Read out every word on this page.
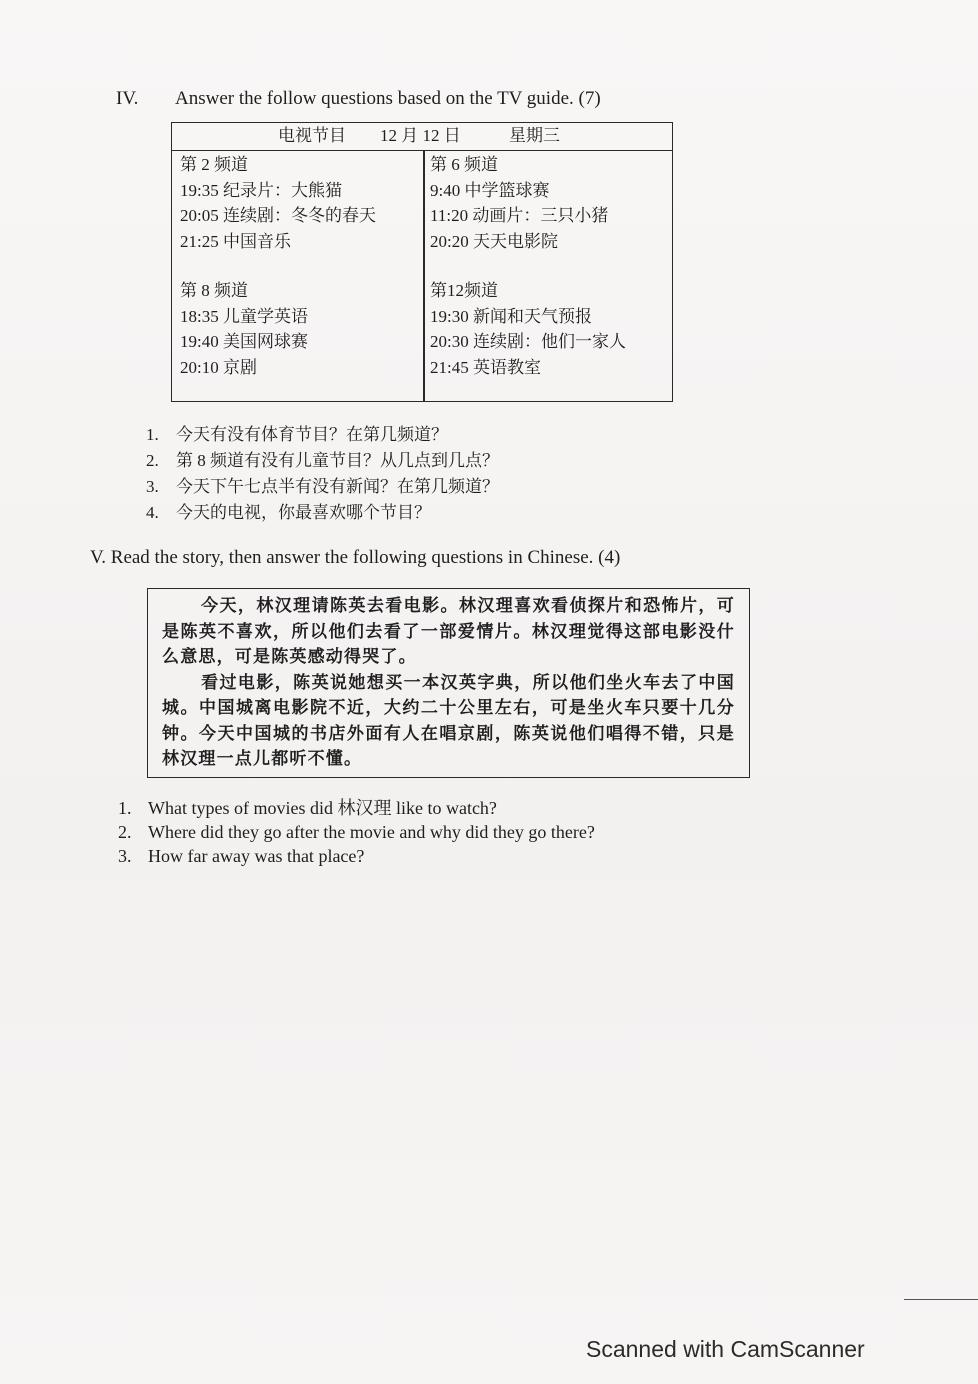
IV. Answer the follow questions based on the TV guide. (7)
电视节目 12 月 12 日	星期三
第 2 频道
19:35 纪录片：大熊猫
20:05 连续剧：冬冬的春天
21:25 中国音乐
第 6 频道
9:40 中学篮球赛
11:20 动画片：三只小猪
20:20 天天电影院
第 8 频道
18:35 儿童学英语
19:40 美国网球赛
20:10 京剧
第12频道
19:30 新闻和天气预报
20:30 连续剧：他们一家人
21:45 英语教室
1. 今天有没有体育节目？在第几频道？
2. 第 8 频道有没有儿童节目？从几点到几点？
3. 今天下午七点半有没有新闻？在第几频道？
4. 今天的电视，你最喜欢哪个节目？
V. Read the story, then answer the following questions in Chinese. (4)

今天，林汉理请陈英去看电影。林汉理喜欢看侦探片和恐怖片，可是陈英不喜欢，所以他们去看了一部爱情片。林汉理觉得这部电影没什么意思，可是陈英感动得哭了。

看过电影，陈英说她想买一本汉英字典，所以他们坐火车去了中国城。中国城离电影院不近，大约二十公里左右，可是坐火车只要十几分钟。今天中国城的书店外面有人在唱京剧，陈英说他们唱得不错，只是林汉理一点儿都听不懂。

1. What types of movies did 林汉理 like to watch?
2. Where did they go after the movie and why did they go there?
3. How far away was that place?
Scanned with CamScanner
